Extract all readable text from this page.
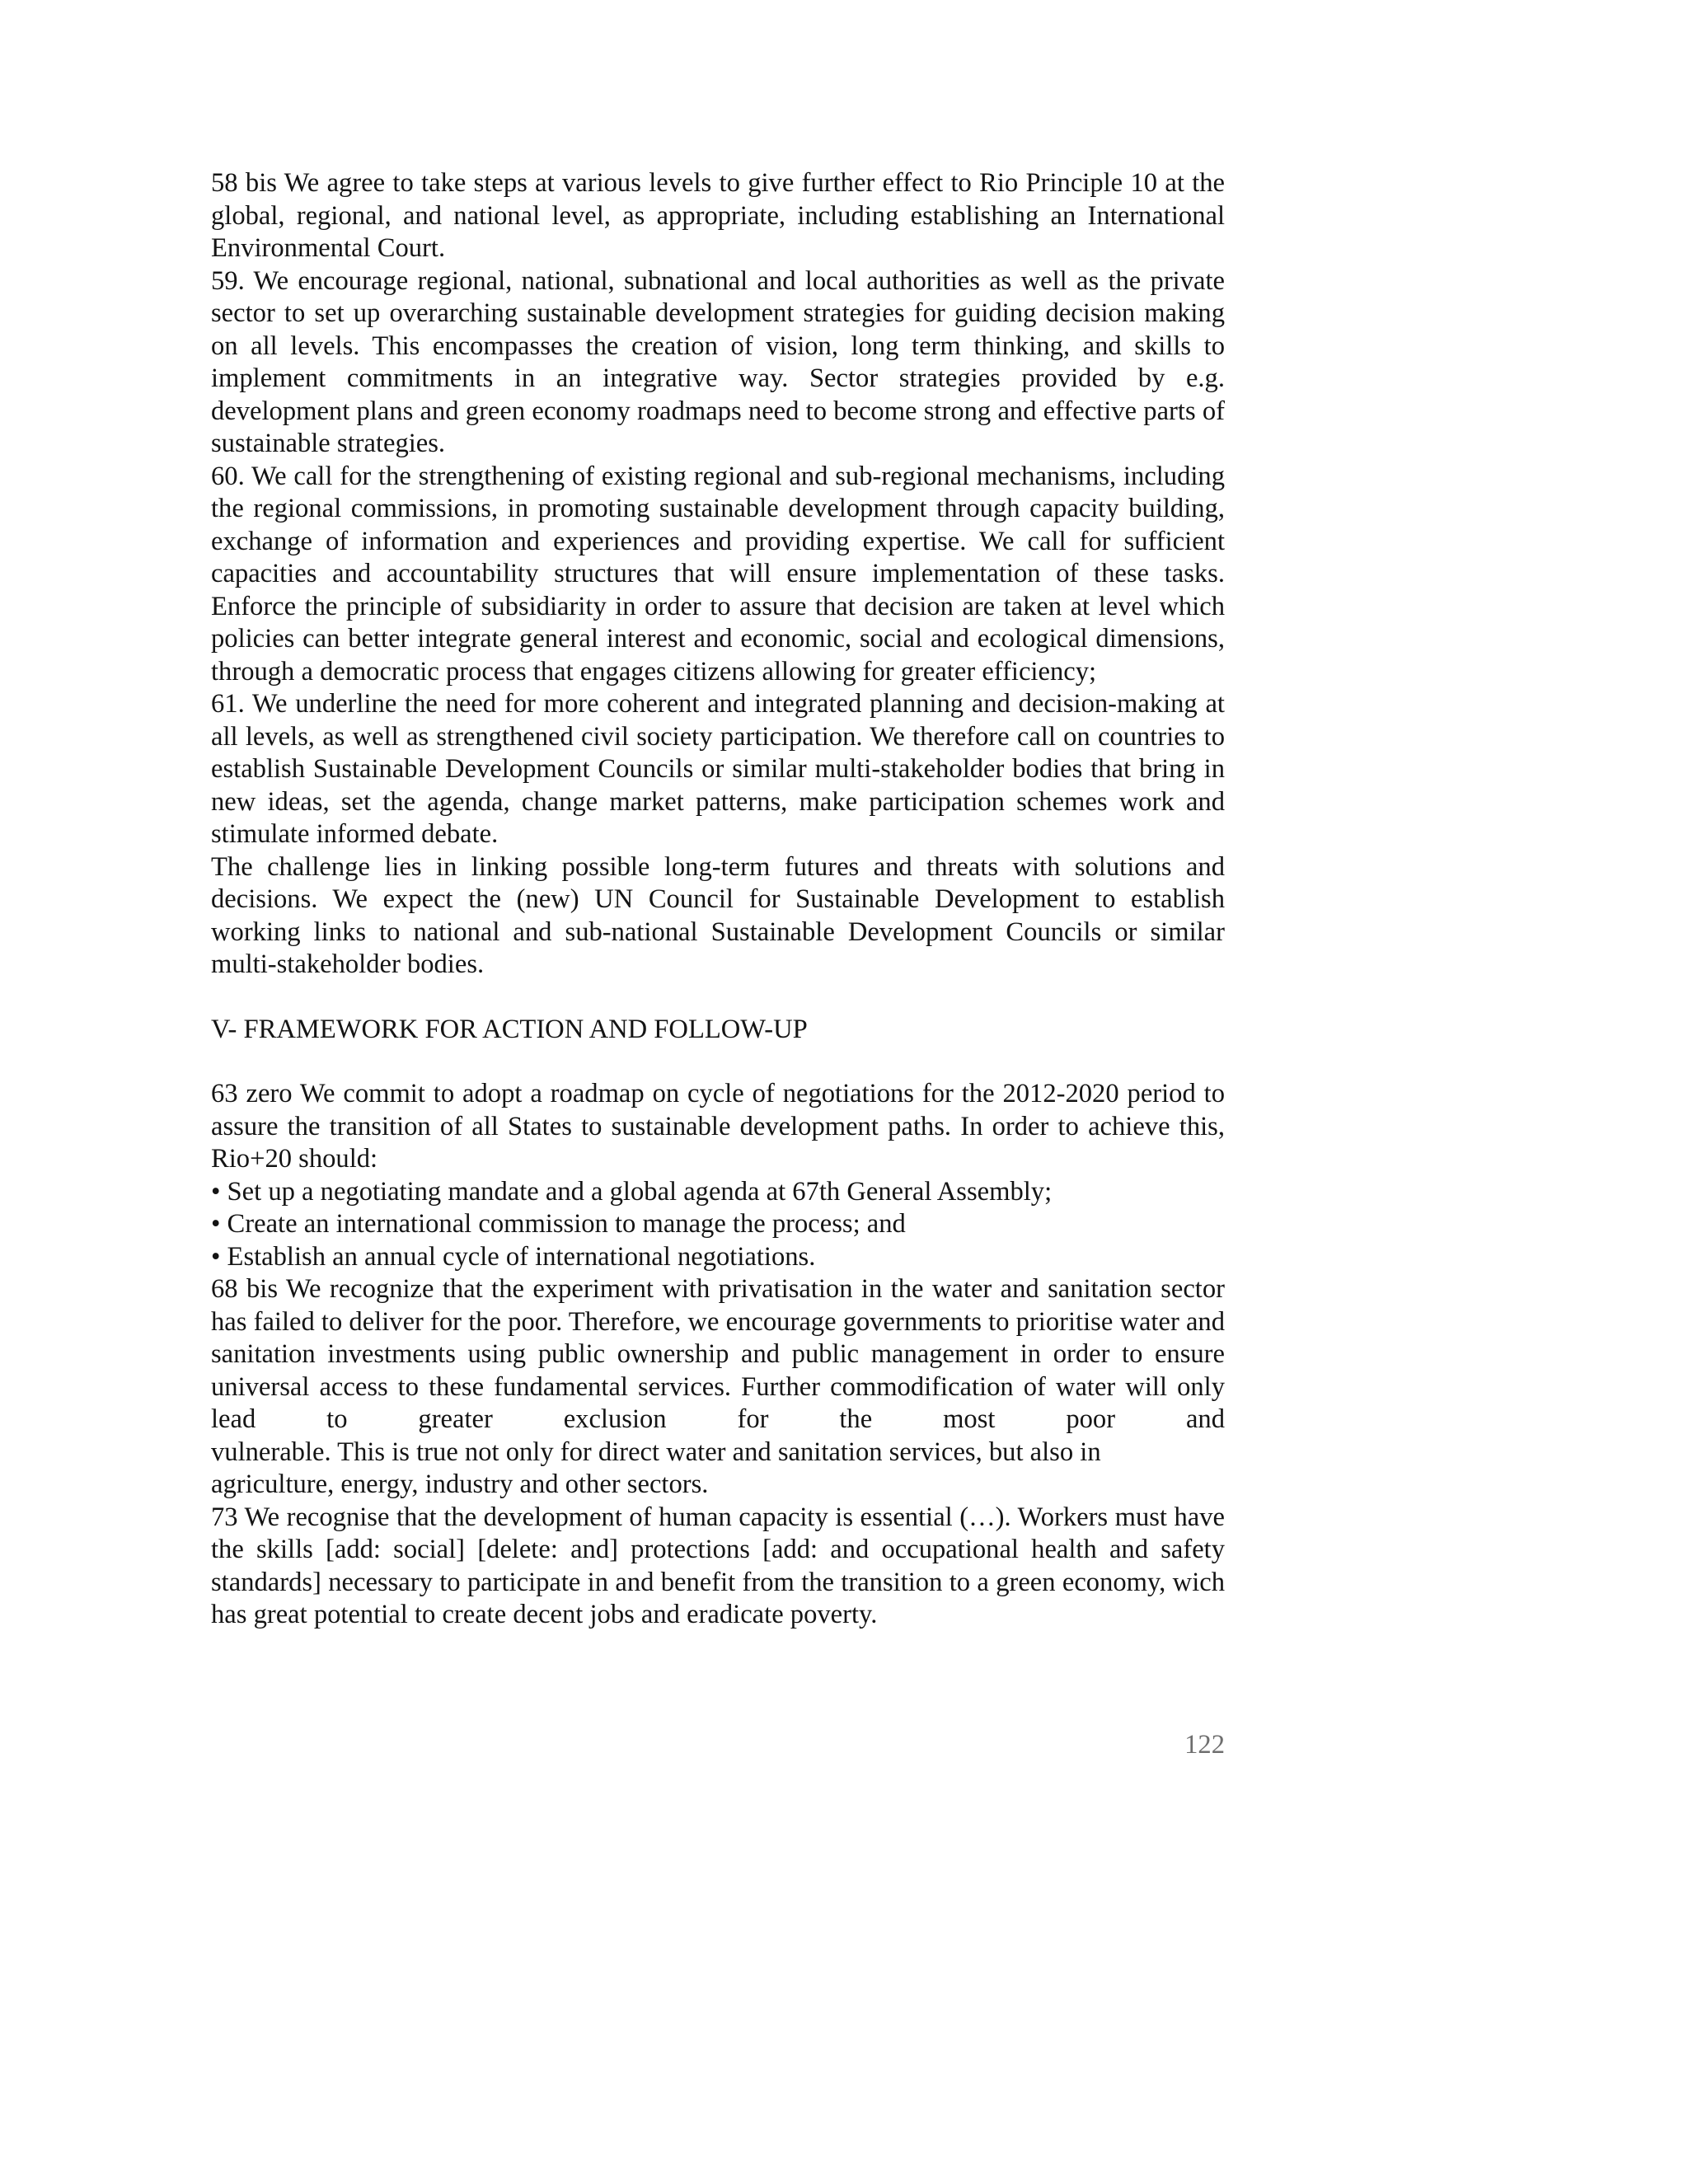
58 bis We agree to take steps at various levels to give further effect to Rio Principle 10 at the global, regional, and national level, as appropriate, including establishing an International Environmental Court.

59. We encourage regional, national, subnational and local authorities as well as the private sector to set up overarching sustainable development strategies for guiding decision making on all levels. This encompasses the creation of vision, long term thinking, and skills to implement commitments in an integrative way. Sector strategies provided by e.g. development plans and green economy roadmaps need to become strong and effective parts of sustainable strategies.

60. We call for the strengthening of existing regional and sub-regional mechanisms, including the regional commissions, in promoting sustainable development through capacity building, exchange of information and experiences and providing expertise. We call for sufficient capacities and accountability structures that will ensure implementation of these tasks. Enforce the principle of subsidiarity in order to assure that decision are taken at level which policies can better integrate general interest and economic, social and ecological dimensions, through a democratic process that engages citizens allowing for greater efficiency;

61. We underline the need for more coherent and integrated planning and decision-making at all levels, as well as strengthened civil society participation. We therefore call on countries to establish Sustainable Development Councils or similar multi-stakeholder bodies that bring in new ideas, set the agenda, change market patterns, make participation schemes work and stimulate informed debate.

The challenge lies in linking possible long-term futures and threats with solutions and decisions. We expect the (new) UN Council for Sustainable Development to establish working links to national and sub-national Sustainable Development Councils or similar multi-stakeholder bodies.

V- FRAMEWORK FOR ACTION AND FOLLOW-UP

63 zero We commit to adopt a roadmap on cycle of negotiations for the 2012-2020 period to assure the transition of all States to sustainable development paths. In order to achieve this, Rio+20 should:

• Set up a negotiating mandate and a global agenda at 67th General Assembly;

• Create an international commission to manage the process; and

• Establish an annual cycle of international negotiations.

68 bis We recognize that the experiment with privatisation in the water and sanitation sector has failed to deliver for the poor. Therefore, we encourage governments to prioritise water and sanitation investments using public ownership and public management in order to ensure universal access to these fundamental services. Further commodification of water will only lead to greater exclusion for the most poor and

vulnerable. This is true not only for direct water and sanitation services, but also in

agriculture, energy, industry and other sectors.

73 We recognise that the development of human capacity is essential (…). Workers must have the skills [add: social] [delete: and] protections [add: and occupational health and safety standards] necessary to participate in and benefit from the transition to a green economy, wich has great potential to create decent jobs and eradicate poverty.

122
